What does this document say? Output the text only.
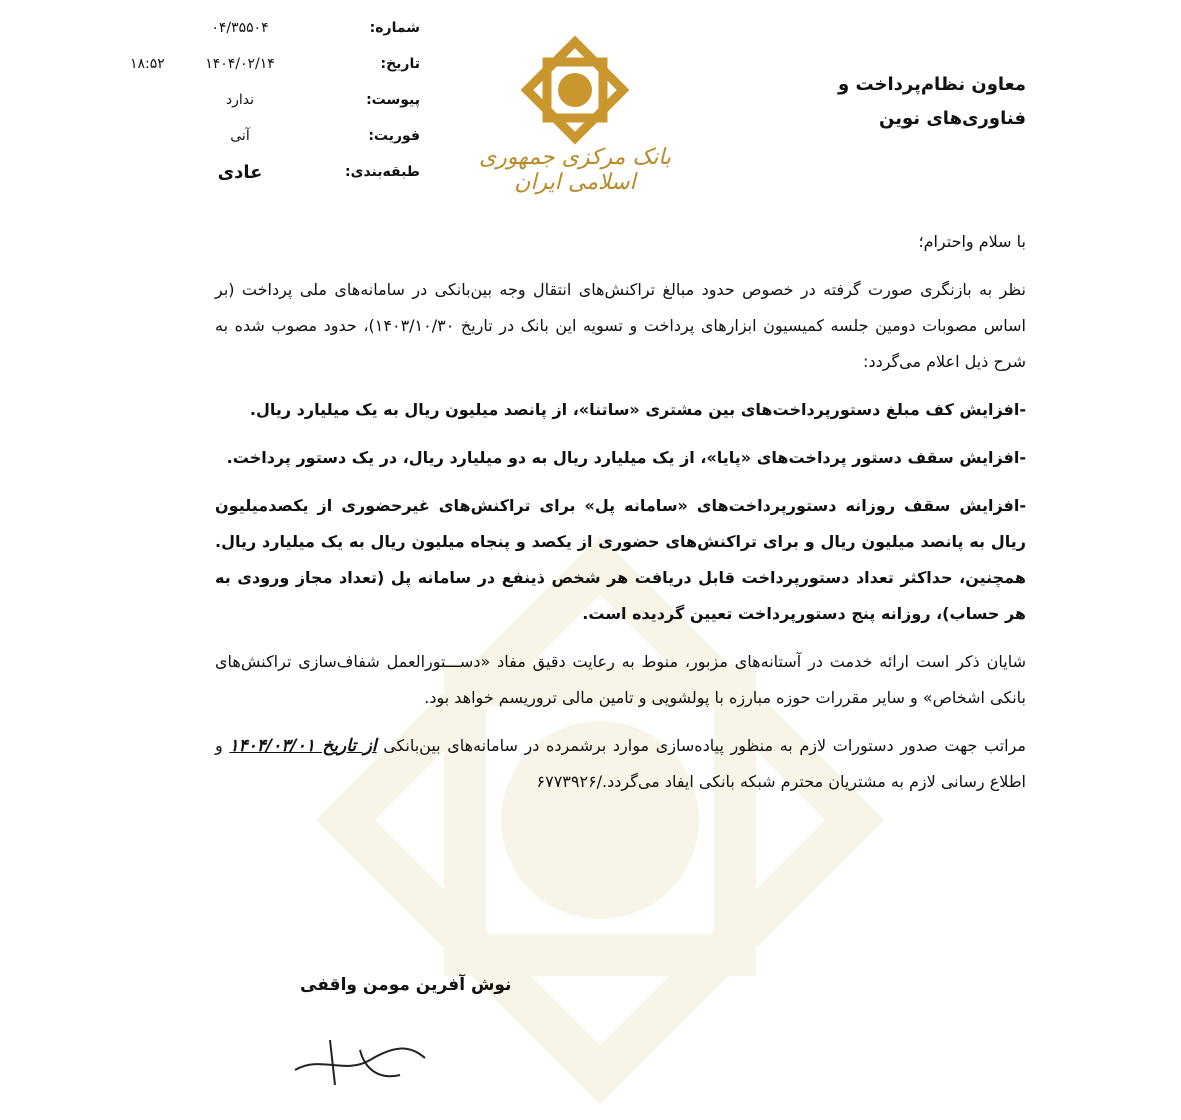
شماره:
۰۴/۳۵۵۰۴
تاریخ:
۱۴۰۴/۰۲/۱۴
۱۸:۵۲
پیوست:
ندارد
فوریت:
آنی
طبقه‌بندی:
عادی
بانک مرکزی جمهوری اسلامی ایران
معاون نظام‌پرداخت و
فناوری‌های نوین

با سلام واحترام؛

نظر به بازنگری صورت گرفته در خصوص حدود مبالغ تراکنش‌های انتقال وجه بین‌بانکی در سامانه‌های ملی پرداخت (بر اساس مصوبات دومین جلسه کمیسیون ابزارهای پرداخت و تسویه این بانک در تاریخ ۱۴۰۳/۱۰/۳۰)، حدود مصوب شده به شرح ذیل اعلام می‌گردد:

-افزایش کف مبلغ دستورپرداخت‌های بین مشتری «ساتنا»، از پانصد میلیون ریال به یک میلیارد ریال.

-افزایش سقف دستور پرداخت‌های «پایا»، از یک میلیارد ریال به دو میلیارد ریال، در یک دستور پرداخت.

-افزایش سقف روزانه دستورپرداخت‌های «سامانه پل» برای تراکنش‌های غیرحضوری از یکصدمیلیون ریال به پانصد میلیون ریال و برای تراکنش‌های حضوری از یکصد و پنجاه میلیون ریال به یک میلیارد ریال. همچنین، حداکثر تعداد دستورپرداخت قابل دریافت هر شخص ذینفع در سامانه پل (تعداد مجاز ورودی به هر حساب)، روزانه پنج دستورپرداخت تعیین گردیده است.

شایان ذکر است ارائه خدمت در آستانه‌های مزبور، منوط به رعایت دقیق مفاد «دســـتورالعمل شفاف‌سازی تراکنش‌های بانکی اشخاص» و سایر مقررات حوزه مبارزه با پولشویی و تامین مالی تروریسم خواهد بود.

مراتب جهت صدور دستورات لازم به منظور پیاده‌سازی موارد برشمرده در سامانه‌های بین‌بانکی از تاریخ ۱۴۰۴/۰۳/۰۱ و اطلاع رسانی لازم به مشتریان محترم شبکه بانکی ایفاد می‌گردد./۶۷۷۳۹۲۶

نوش آفرین مومن واقفی
